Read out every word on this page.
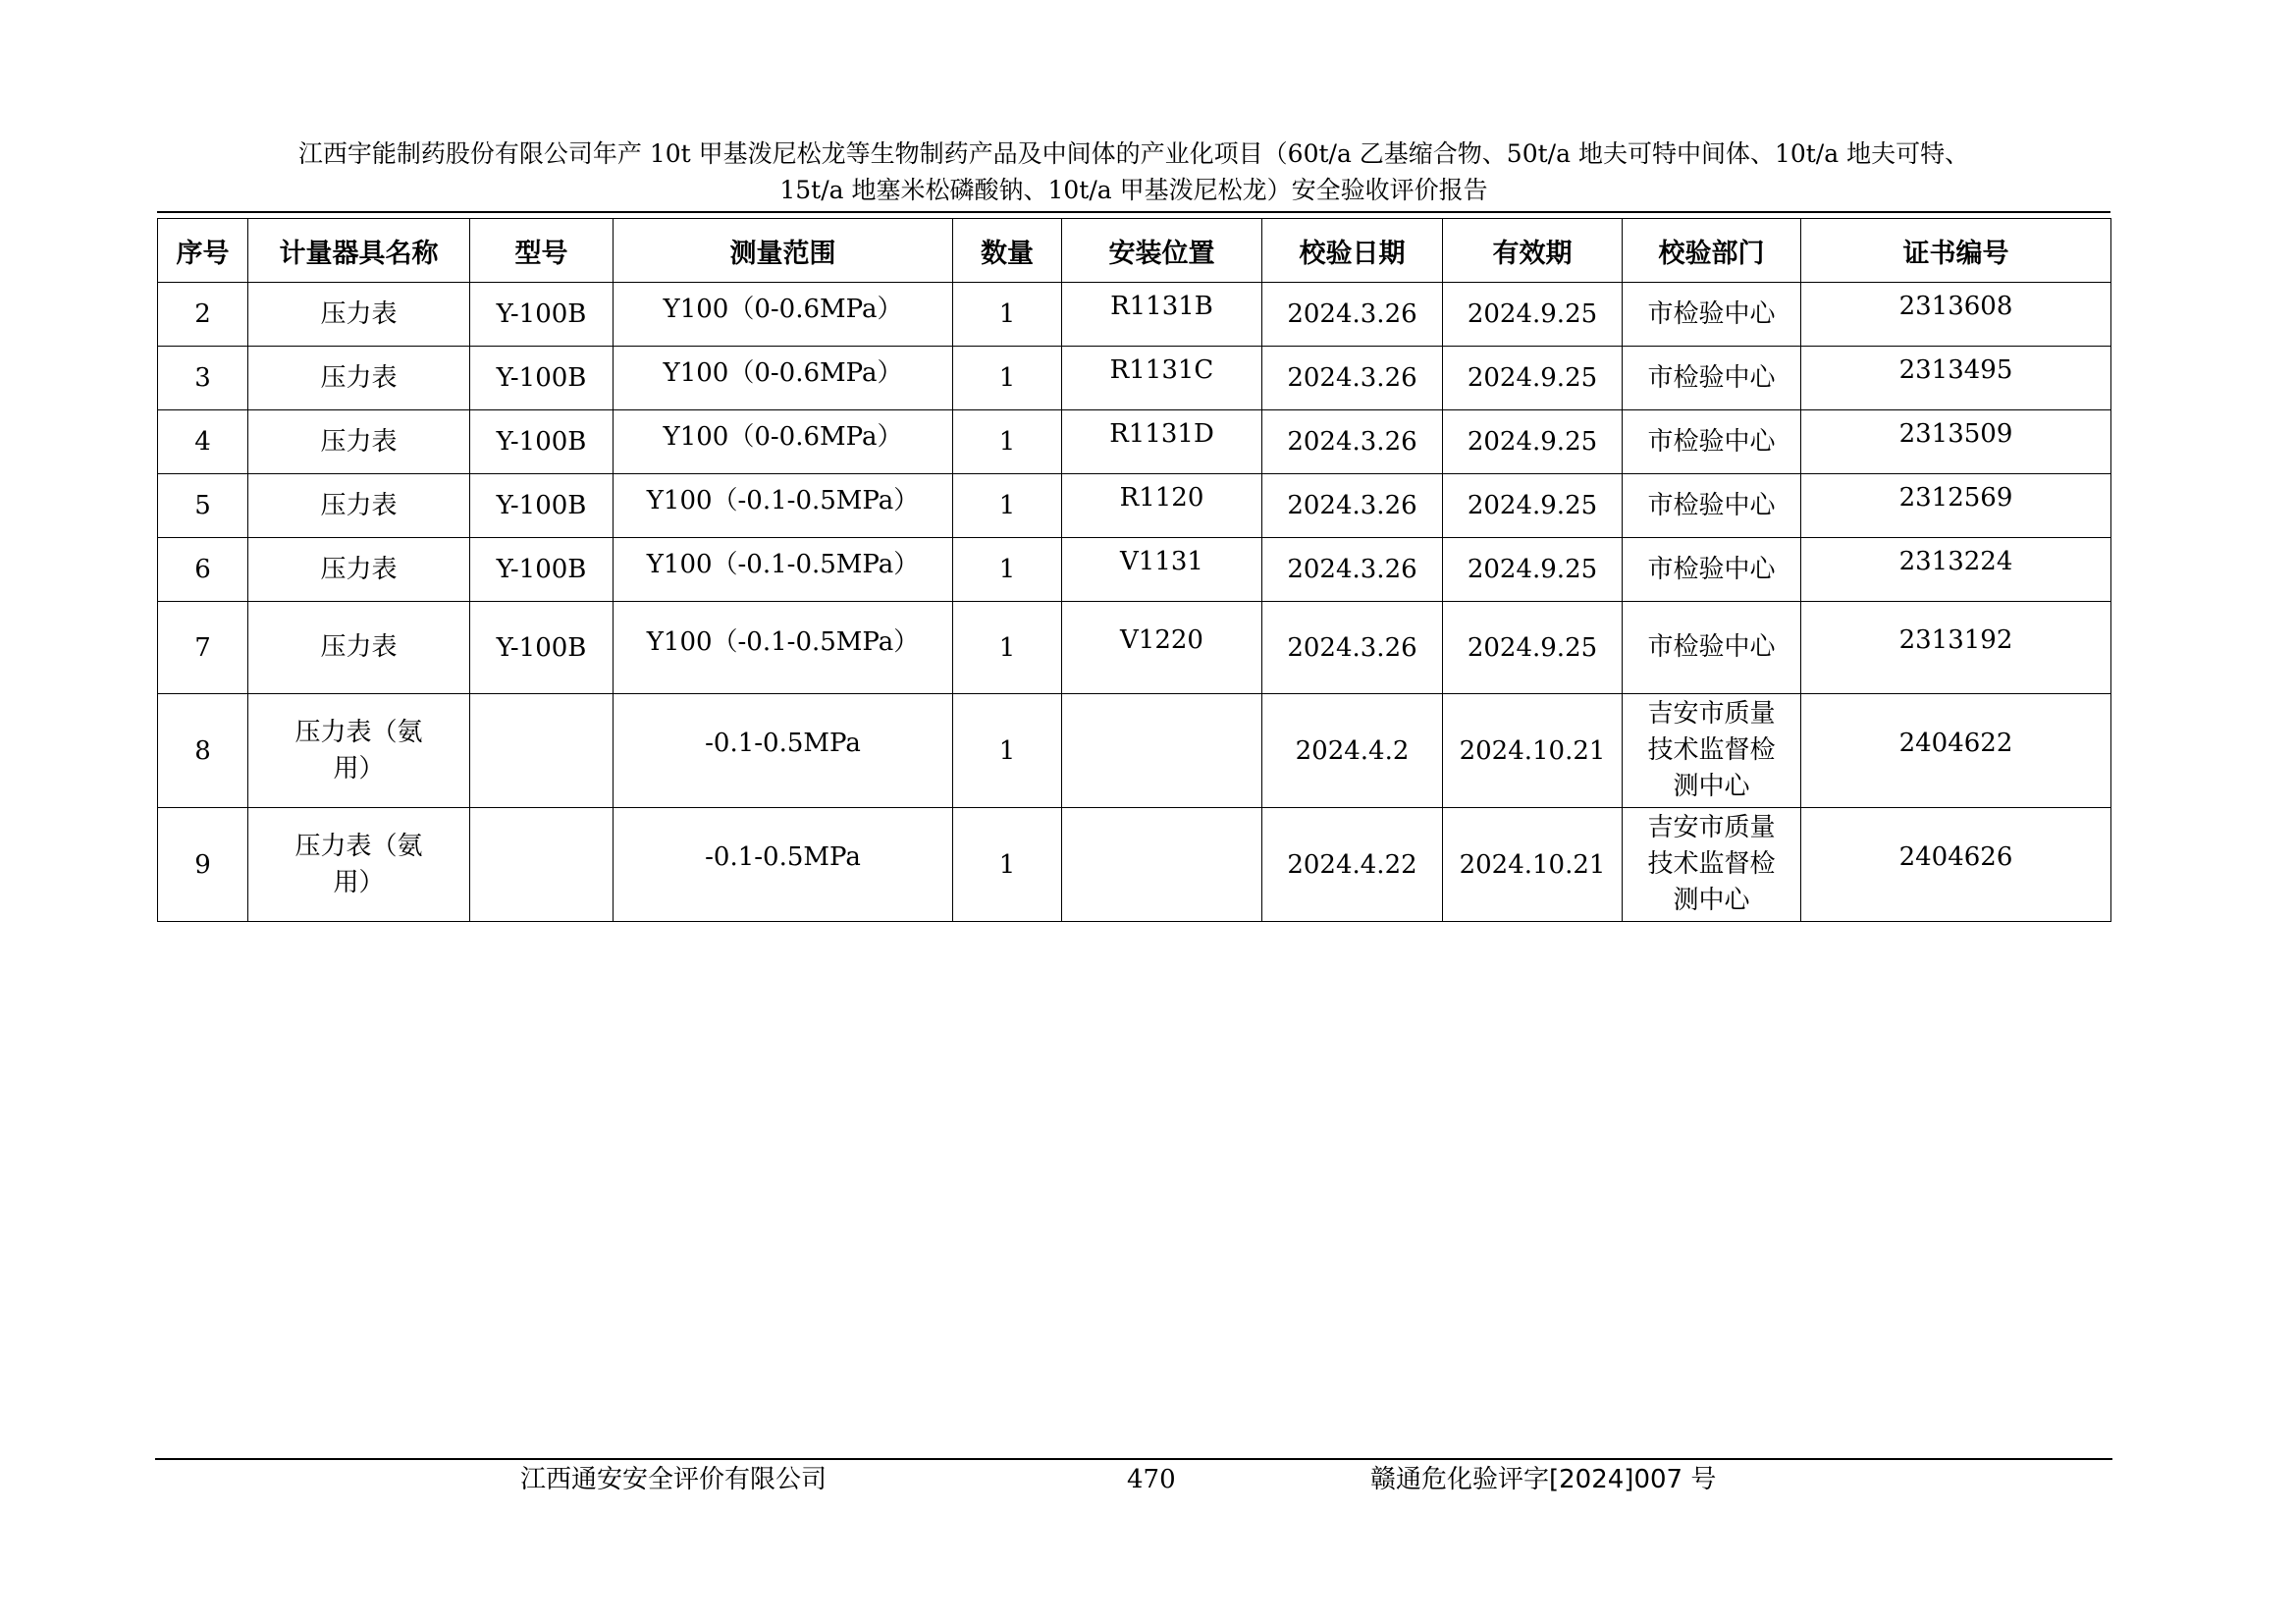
江西宇能制药股份有限公司年产 10t 甲基泼尼松龙等生物制药产品及中间体的产业化项目（60t/a 乙基缩合物、50t/a 地夫可特中间体、10t/a 地夫可特、
15t/a 地塞米松磷酸钠、10t/a 甲基泼尼松龙）安全验收评价报告
序号	计量器具名称	型号	测量范围	数量	安装位置	校验日期	有效期	校验部门	证书编号
2	压力表	Y-100B	Y100（0-0.6MPa）	1	R1131B	2024.3.26	2024.9.25	市检验中心	2313608
3	压力表	Y-100B	Y100（0-0.6MPa）	1	R1131C	2024.3.26	2024.9.25	市检验中心	2313495
4	压力表	Y-100B	Y100（0-0.6MPa）	1	R1131D	2024.3.26	2024.9.25	市检验中心	2313509
5	压力表	Y-100B	Y100（-0.1-0.5MPa）	1	R1120	2024.3.26	2024.9.25	市检验中心	2312569
6	压力表	Y-100B	Y100（-0.1-0.5MPa）	1	V1131	2024.3.26	2024.9.25	市检验中心	2313224
7	压力表	Y-100B	Y100（-0.1-0.5MPa）	1	V1220	2024.3.26	2024.9.25	市检验中心	2313192
8	压力表（氨用）		-0.1-0.5MPa	1		2024.4.2	2024.10.21	吉安市质量技术监督检测中心	2404622
9	压力表（氨用）		-0.1-0.5MPa	1		2024.4.22	2024.10.21	吉安市质量技术监督检测中心	2404626
江西通安安全评价有限公司	470	赣通危化验评字[2024]007 号
